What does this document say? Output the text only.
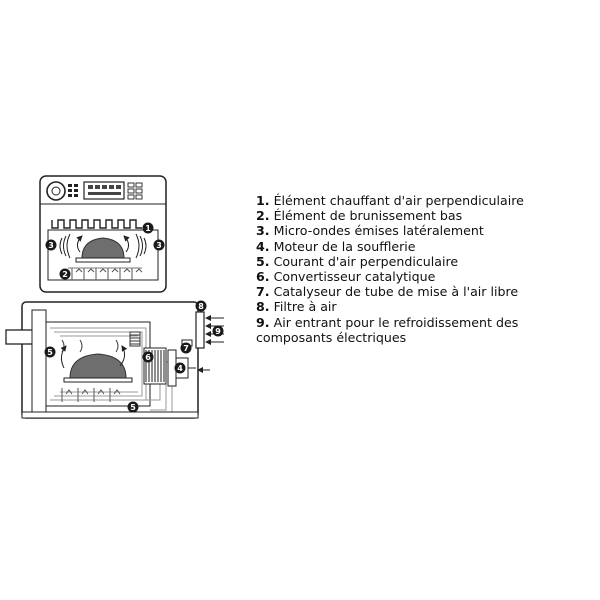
1
2
3	3
5
5
6
4
7
8
9

1. Élément chauffant d'air perpendiculaire

2. Élément de brunissement bas

3. Micro-ondes émises latéralement

4. Moteur de la soufflerie

5. Courant d'air perpendiculaire

6. Convertisseur catalytique

7. Catalyseur de tube de mise à l'air libre

8. Filtre à air

9. Air entrant pour le refroidissement des composants électriques
